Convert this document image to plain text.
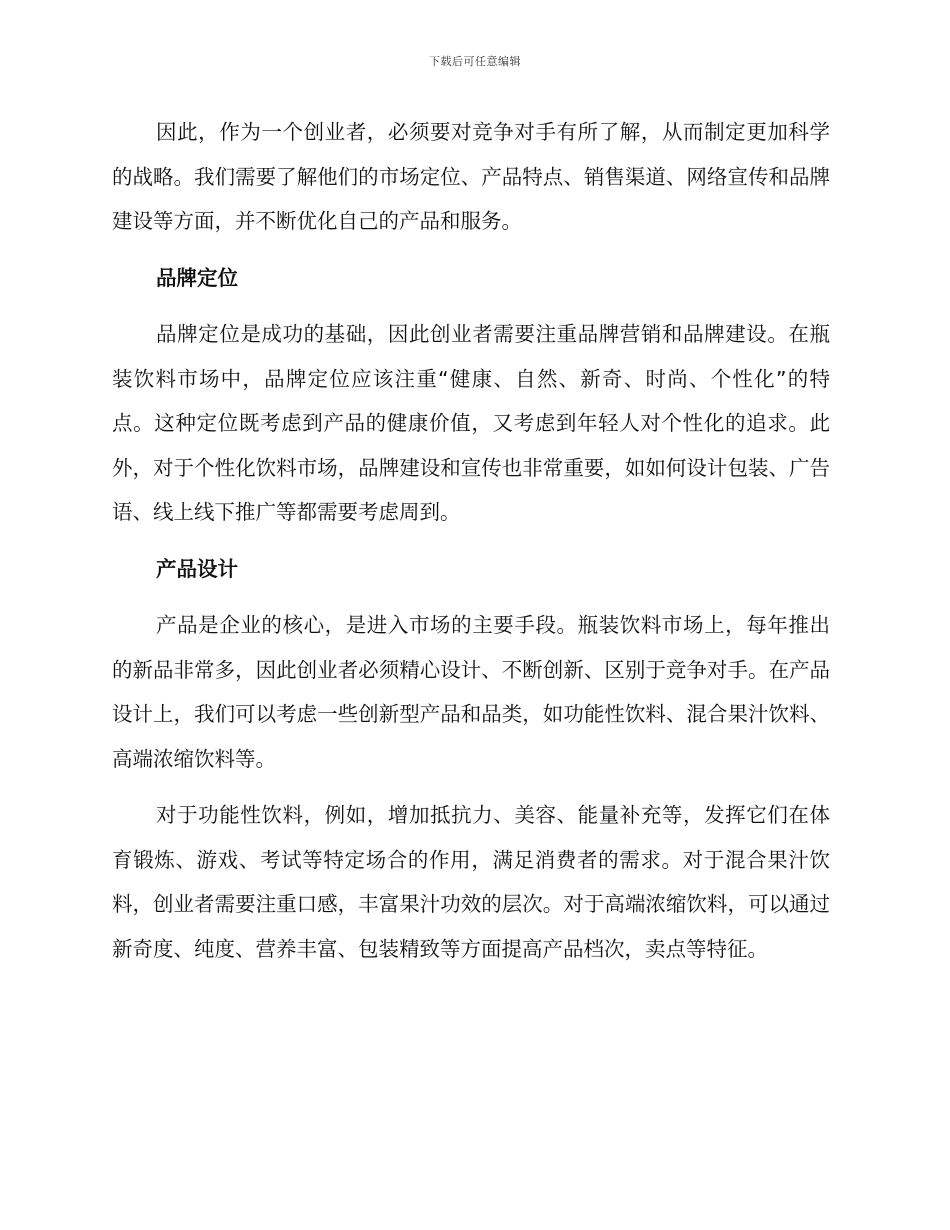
下载后可任意编辑

因此，作为一个创业者，必须要对竞争对手有所了解，从而制定更加科学的战略。我们需要了解他们的市场定位、产品特点、销售渠道、网络宣传和品牌建设等方面，并不断优化自己的产品和服务。

品牌定位

品牌定位是成功的基础，因此创业者需要注重品牌营销和品牌建设。在瓶装饮料市场中，品牌定位应该注重“健康、自然、新奇、时尚、个性化”的特点。这种定位既考虑到产品的健康价值，又考虑到年轻人对个性化的追求。此外，对于个性化饮料市场，品牌建设和宣传也非常重要，如如何设计包装、广告语、线上线下推广等都需要考虑周到。

产品设计

产品是企业的核心，是进入市场的主要手段。瓶装饮料市场上，每年推出的新品非常多，因此创业者必须精心设计、不断创新、区别于竞争对手。在产品设计上，我们可以考虑一些创新型产品和品类，如功能性饮料、混合果汁饮料、高端浓缩饮料等。

对于功能性饮料，例如，增加抵抗力、美容、能量补充等，发挥它们在体育锻炼、游戏、考试等特定场合的作用，满足消费者的需求。对于混合果汁饮料，创业者需要注重口感，丰富果汁功效的层次。对于高端浓缩饮料，可以通过新奇度、纯度、营养丰富、包装精致等方面提高产品档次，卖点等特征。
